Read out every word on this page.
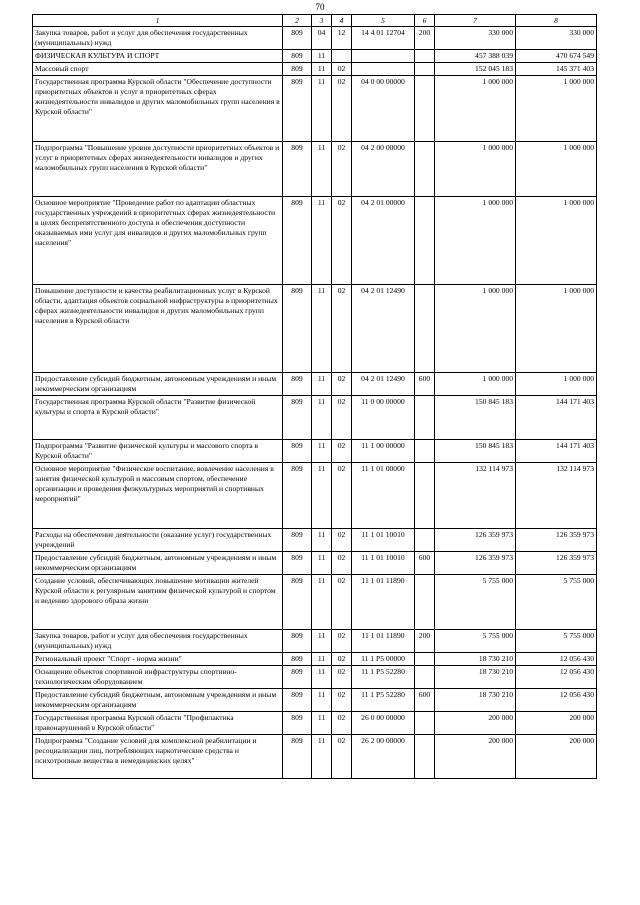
70
1	2	3	4	5	6	7	8
Закупка товаров, работ и услуг для обеспечения государственных (муниципальных) нужд	809	04	12	14 4 01 12704	200	330 000	330 000
ФИЗИЧЕСКАЯ КУЛЬТУРА И СПОРТ	809	11				457 388 039	470 674 549
Массовый спорт	809	11	02			152 045 183	145 371 403
Государственная программа Курской области "Обеспечение доступности приоритетных объектов и услуг в приоритетных сферах жизнедеятельности инвалидов и других маломобильных групп населения в Курской области"	809	11	02	04 0 00 00000		1 000 000	1 000 000
Подпрограмма "Повышение уровня доступности приоритетных объектов и услуг в приоритетных сферах жизнедеятельности инвалидов и других маломобильных групп населения в Курской области"	809	11	02	04 2 00 00000		1 000 000	1 000 000
Основное мероприятие "Проведение работ по адаптации областных государственных учреждений в приоритетных сферах жизнедеятельности в целях беспрепятственного доступа и обеспечения доступности оказываемых ими услуг для инвалидов и других маломобильных групп населения"	809	11	02	04 2 01 00000		1 000 000	1 000 000
Повышение доступности и качества реабилитационных услуг в Курской области, адаптация объектов социальной инфраструктуры в приоритетных сферах жизнедеятельности инвалидов и других маломобильных групп населения в Курской области	809	11	02	04 2 01 12490		1 000 000	1 000 000
Предоставление субсидий бюджетным, автономным учреждениям и иным некоммерческим организациям	809	11	02	04 2 01 12490	600	1 000 000	1 000 000
Государственная программа Курской области "Развитие физической культуры и спорта в Курской области"	809	11	02	11 0 00 00000		150 845 183	144 171 403
Подпрограмма "Развитие физической культуры и массового спорта в Курской области"	809	11	02	11 1 00 00000		150 845 183	144 171 403
Основное мероприятие "Физическое воспитание, вовлечение населения в занятия физической культурой и массовым спортом, обеспечение организации и проведения физкультурных мероприятий и спортивных мероприятий"	809	11	02	11 1 01 00000		132 114 973	132 114 973
Расходы на обеспечение деятельности (оказание услуг) государственных учреждений	809	11	02	11 1 01 10010		126 359 973	126 359 973
Предоставление субсидий бюджетным, автономным учреждениям и иным некоммерческим организациям	809	11	02	11 1 01 10010	600	126 359 973	126 359 973
Создание условий, обеспечивающих повышение мотивации жителей Курской области к регулярным занятиям физической культурой и спортом и ведению здорового образа жизни	809	11	02	11 1 01 11890		5 755 000	5 755 000
Закупка товаров, работ и услуг для обеспечения государственных (муниципальных) нужд	809	11	02	11 1 01 11890	200	5 755 000	5 755 000
Региональный проект "Спорт - норма жизни"	809	11	02	11 1 P5 00000		18 730 210	12 056 430
Оснащение объектов спортивной инфраструктуры спортивно-технологическим оборудованием	809	11	02	11 1 P5 52280		18 730 210	12 056 430
Предоставление субсидий бюджетным, автономным учреждениям и иным некоммерческим организациям	809	11	02	11 1 P5 52280	600	18 730 210	12 056 430
Государственная программа Курской области "Профилактика правонарушений в Курской области"	809	11	02	26 0 00 00000		200 000	200 000
Подпрограмма "Создание условий для комплексной реабилитации и ресоциализации лиц, потребляющих наркотические средства и психотропные вещества в немедицинских целях"	809	11	02	26 2 00 00000		200 000	200 000
